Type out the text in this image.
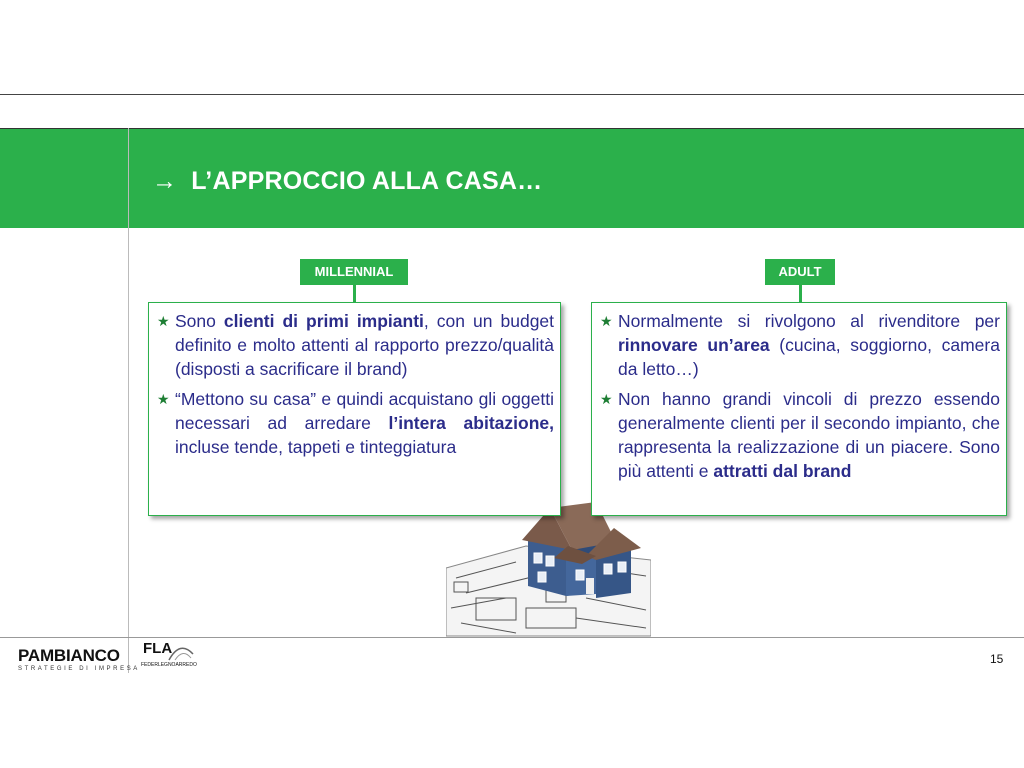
→ L’APPROCCIO ALLA CASA…
MILLENNIAL	ADULT
★ Sono clienti di primi impianti, con un budget definito e molto attenti al rapporto prezzo/qualità (disposti a sacrificare il brand)
★ “Mettono su casa” e quindi acquistano gli oggetti necessari ad arredare l’intera abitazione, incluse tende, tappeti e tinteggiatura
★ Normalmente si rivolgono al rivenditore per rinnovare un’area (cucina, soggiorno, camera da letto…)
★ Non hanno grandi vincoli di prezzo essendo generalmente clienti per il secondo impianto, che rappresenta la realizzazione di un piacere. Sono più attenti e attratti dal brand
PAMBIANCO
STRATEGIE DI IMPRESA
FLA
FEDERLEGNOARREDO	15
